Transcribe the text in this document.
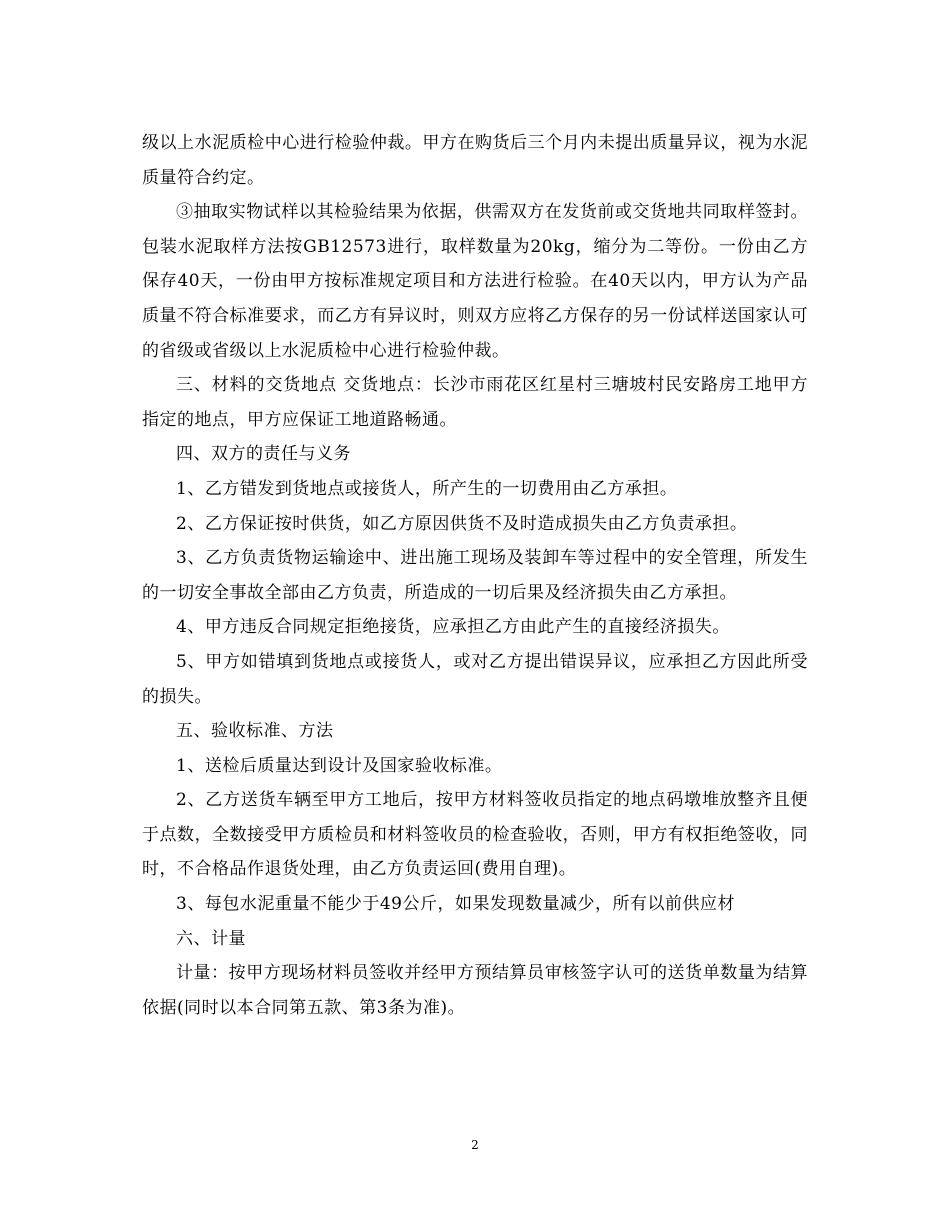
级以上水泥质检中心进行检验仲裁。甲方在购货后三个月内未提出质量异议，视为水泥质量符合约定。

③抽取实物试样以其检验结果为依据，供需双方在发货前或交货地共同取样签封。包装水泥取样方法按GB12573进行，取样数量为20kg，缩分为二等份。一份由乙方保存40天，一份由甲方按标准规定项目和方法进行检验。在40天以内，甲方认为产品质量不符合标准要求，而乙方有异议时，则双方应将乙方保存的另一份试样送国家认可的省级或省级以上水泥质检中心进行检验仲裁。

三、材料的交货地点 交货地点：长沙市雨花区红星村三塘坡村民安路房工地甲方指定的地点，甲方应保证工地道路畅通。

四、双方的责任与义务

1、乙方错发到货地点或接货人，所产生的一切费用由乙方承担。

2、乙方保证按时供货，如乙方原因供货不及时造成损失由乙方负责承担。

3、乙方负责货物运输途中、进出施工现场及装卸车等过程中的安全管理，所发生的一切安全事故全部由乙方负责，所造成的一切后果及经济损失由乙方承担。

4、甲方违反合同规定拒绝接货，应承担乙方由此产生的直接经济损失。

5、甲方如错填到货地点或接货人，或对乙方提出错误异议，应承担乙方因此所受的损失。

五、验收标准、方法

1、送检后质量达到设计及国家验收标准。

2、乙方送货车辆至甲方工地后，按甲方材料签收员指定的地点码墩堆放整齐且便于点数，全数接受甲方质检员和材料签收员的检查验收，否则，甲方有权拒绝签收，同时，不合格品作退货处理，由乙方负责运回(费用自理)。

3、每包水泥重量不能少于49公斤，如果发现数量减少，所有以前供应材

六、计量

计量：按甲方现场材料员签收并经甲方预结算员审核签字认可的送货单数量为结算依据(同时以本合同第五款、第3条为准)。

2
